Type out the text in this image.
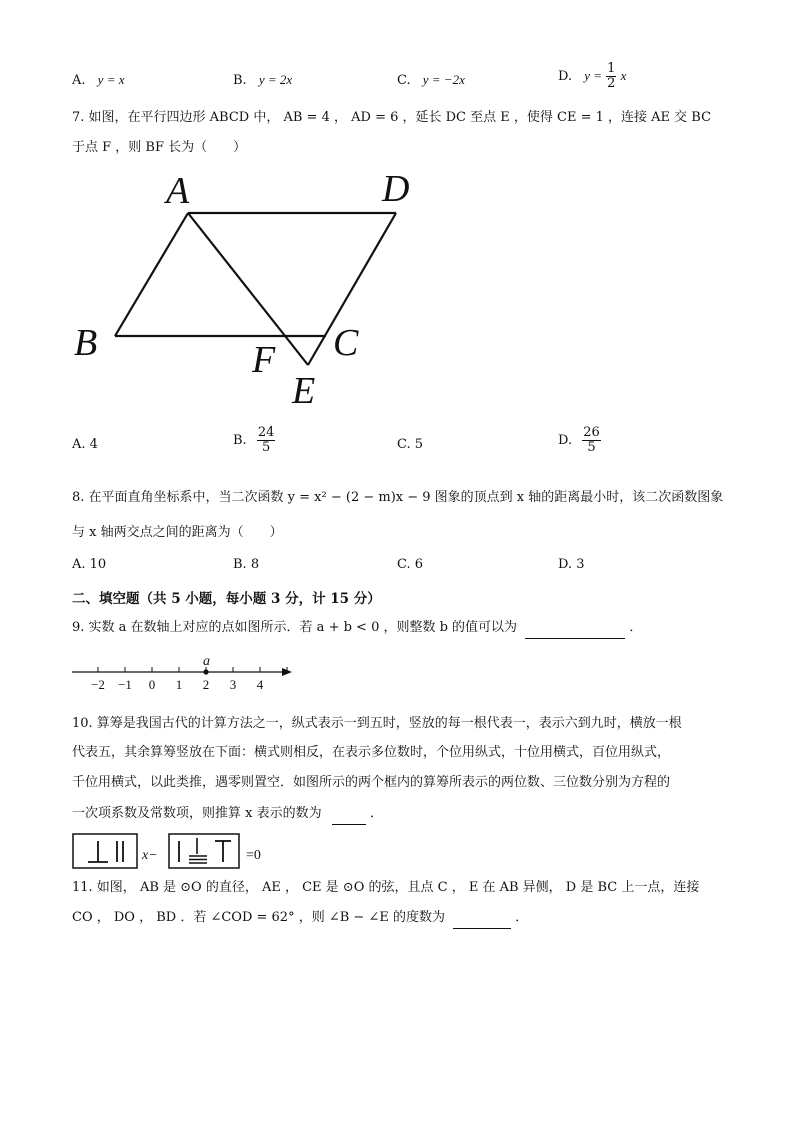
A. y = x	B. y = 2x	C. y = −2x	D. $y = \frac{1}{2}$ x
7. 如图，在平行四边形 ABCD 中， AB = 4 ， AD = 6 ，延长 DC 至点 E ，使得 CE = 1 ，连接 AE 交 BC
于点 F ，则 BF 长为（　　）
A	D
B	C
F
E
A. 4	B. $\frac{24}{5}$	C. 5	D. $\frac{26}{5}$
8. 在平面直角坐标系中，当二次函数 y = x² − (2 − m)x − 9 图象的顶点到 x 轴的距离最小时，该二次函数图象
与 x 轴两交点之间的距离为（　　）
A. 10	B. 8	C. 6	D. 3
二、填空题（共 5 小题，每小题 3 分，计 15 分）
9. 实数 a 在数轴上对应的点如图所示．若 a + b < 0 ，则整数 b 的值可以为	．
−2 −1 0 1 2 3 4
a
10. 算筹是我国古代的计算方法之一，纵式表示一到五时，竖放的每一根代表一，表示六到九时，横放一根
代表五，其余算筹竖放在下面：横式则相反，在表示多位数时，个位用纵式，十位用横式，百位用纵式，
千位用横式，以此类推，遇零则置空．如图所示的两个框内的算筹所表示的两位数、三位数分别为方程的
一次项系数及常数项，则推算 x 表示的数为	．
x−	=0
11. 如图， AB 是 ⊙O 的直径， AE ， CE 是 ⊙O 的弦，且点 C ， E 在 AB 异侧， D 是 BC 上一点，连接
CO ， DO ， BD ．若 ∠COD = 62° ，则 ∠B − ∠E 的度数为	．
